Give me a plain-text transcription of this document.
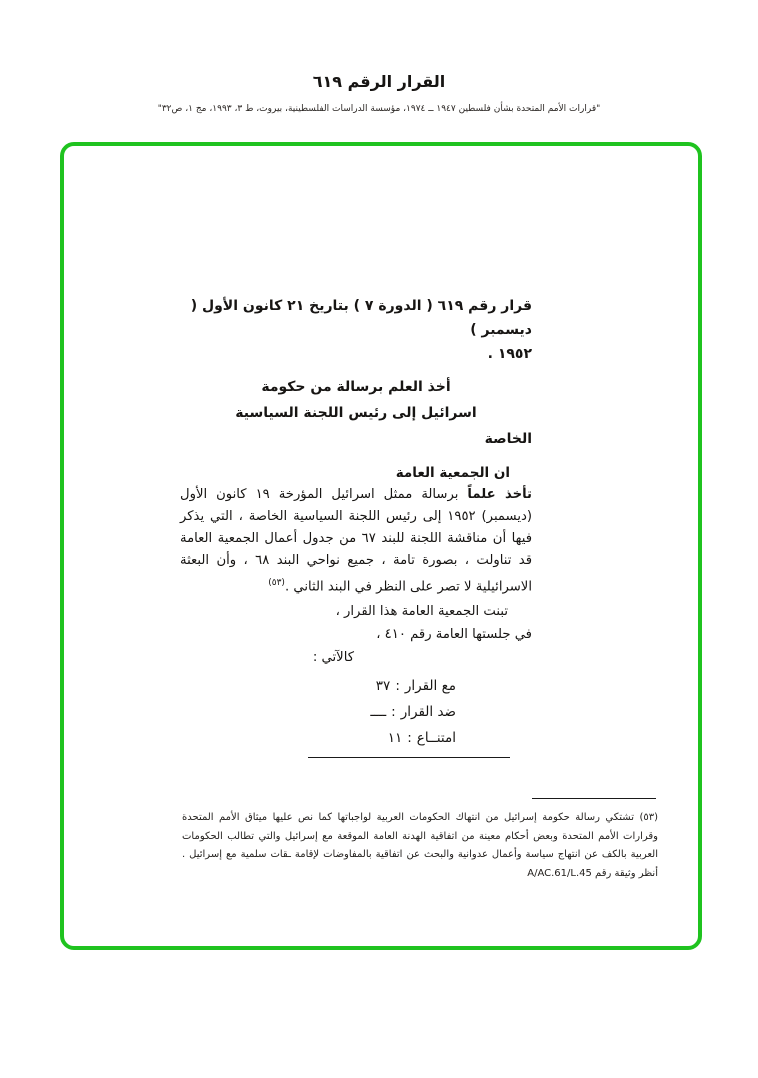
القرار الرقم ٦١٩
"قرارات الأمم المتحدة بشأن فلسطين ١٩٤٧ ــ ١٩٧٤، مؤسسة الدراسات الفلسطينية، بيروت، ط ٣، ١٩٩٣، مج ١، ص٣٢"
قرار رقم ٦١٩ ( الدورة ٧ ) بتاريخ ٢١ كانون الأول ( ديسمبر )
١٩٥٢ .
أخذ العلم برسالة من حكومة
اسرائيل إلى رئيس اللجنة السياسية
الخاصة
ان الجمعية العامة
تأخذ علماً برسالة ممثل اسرائيل المؤرخة ١٩ كانون الأول (ديسمبر) ١٩٥٢ إلى رئيس اللجنة السياسية الخاصة ، التي يذكر فيها أن مناقشة اللجنة للبند ٦٧ من جدول أعمال الجمعية العامة قد تناولت ، بصورة تامة ، جميع نواحي البند ٦٨ ، وأن البعثة الاسرائيلية لا تصر على النظر في البند الثاني .$^{(٥٣)}$
تبنت الجمعية العامة هذا القرار ،
في جلستها العامة رقم ٤١٠ ،
كالآتي :
مع القرار:٣٧
ضد القرار:ــــ
امتنــاع:١١
(٥٣) تشتكي رسالة حكومة إسرائيل من انتهاك الحكومات العربية لواجباتها كما نص عليها ميثاق الأمم المتحدة وقرارات الأمم المتحدة وبعض أحكام معينة من اتفاقية الهدنة العامة الموقعة مع إسرائيل والتي تطالب الحكومات العربية بالكف عن انتهاج سياسة وأعمال عدوانية والبحث عن اتفاقية بالمفاوضات لإقامة ـقات سلمية مع إسرائيل . أنظر وثيقة رقم A/AC.61/L.45
